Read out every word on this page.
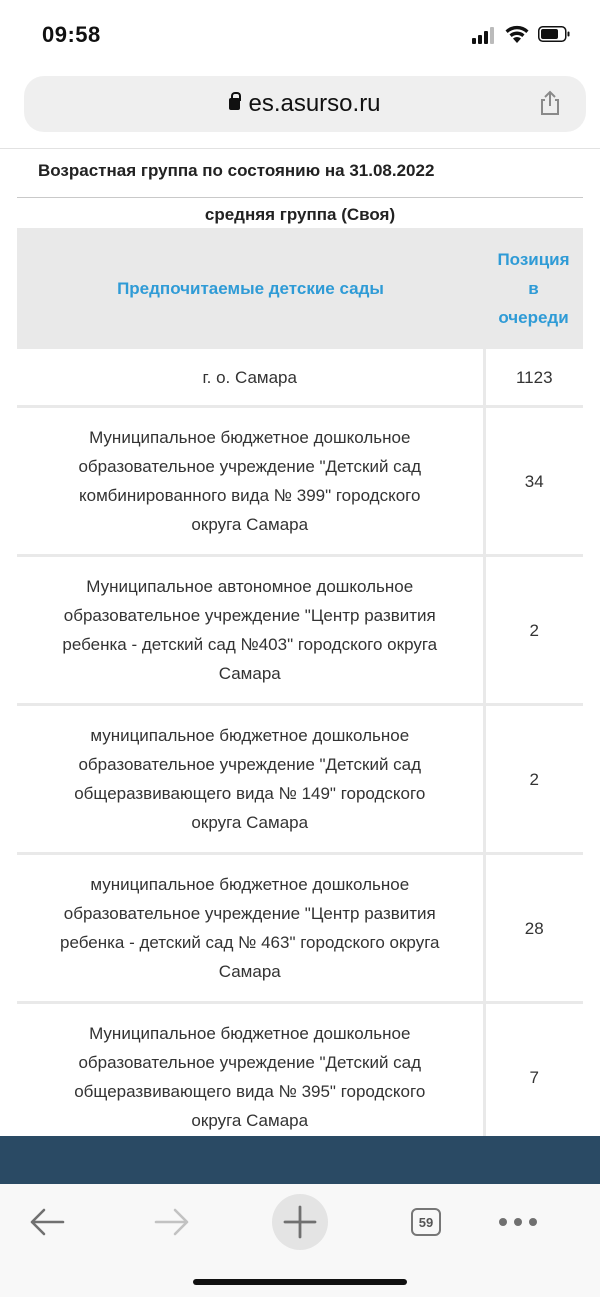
09:58
es.asurso.ru
Возрастная группа по состоянию на 31.08.2022
средняя группа (Своя)
Предпочитаемые детские сады	Позиция
в
очереди

г. о. Самара	1123

Муниципальное бюджетное дошкольное
образовательное учреждение "Детский сад
комбинированного вида № 399" городского
округа Самара	34

Муниципальное автономное дошкольное
образовательное учреждение "Центр развития
ребенка - детский сад №403" городского округа
Самара	2

муниципальное бюджетное дошкольное
образовательное учреждение "Детский сад
общеразвивающего вида № 149" городского
округа Самара	2

муниципальное бюджетное дошкольное
образовательное учреждение "Центр развития
ребенка - детский сад № 463" городского округа
Самара	28

Муниципальное бюджетное дошкольное
образовательное учреждение "Детский сад
общеразвивающего вида № 395" городского
округа Самара	7
59
